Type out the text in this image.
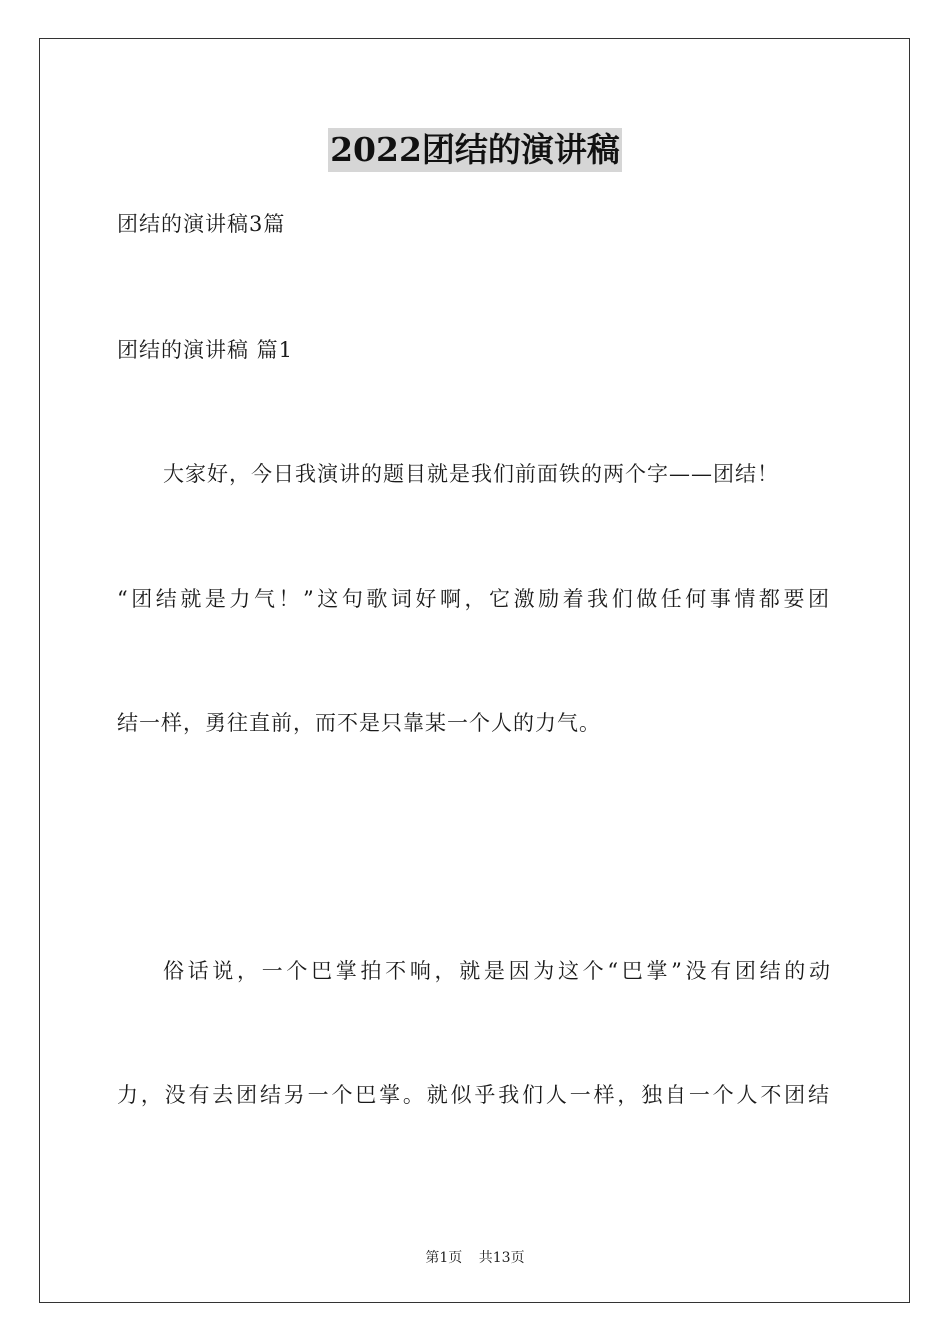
2022团结的演讲稿

团结的演讲稿3篇

团结的演讲稿 篇1

大家好，今日我演讲的题目就是我们前面铁的两个字——团结！

“团结就是力气！”这句歌词好啊，它激励着我们做任何事情都要团

结一样，勇往直前，而不是只靠某一个人的力气。

俗话说，一个巴掌拍不响，就是因为这个“巴掌”没有团结的动

力，没有去团结另一个巴掌。就似乎我们人一样，独自一个人不团结

第1页 共13页
